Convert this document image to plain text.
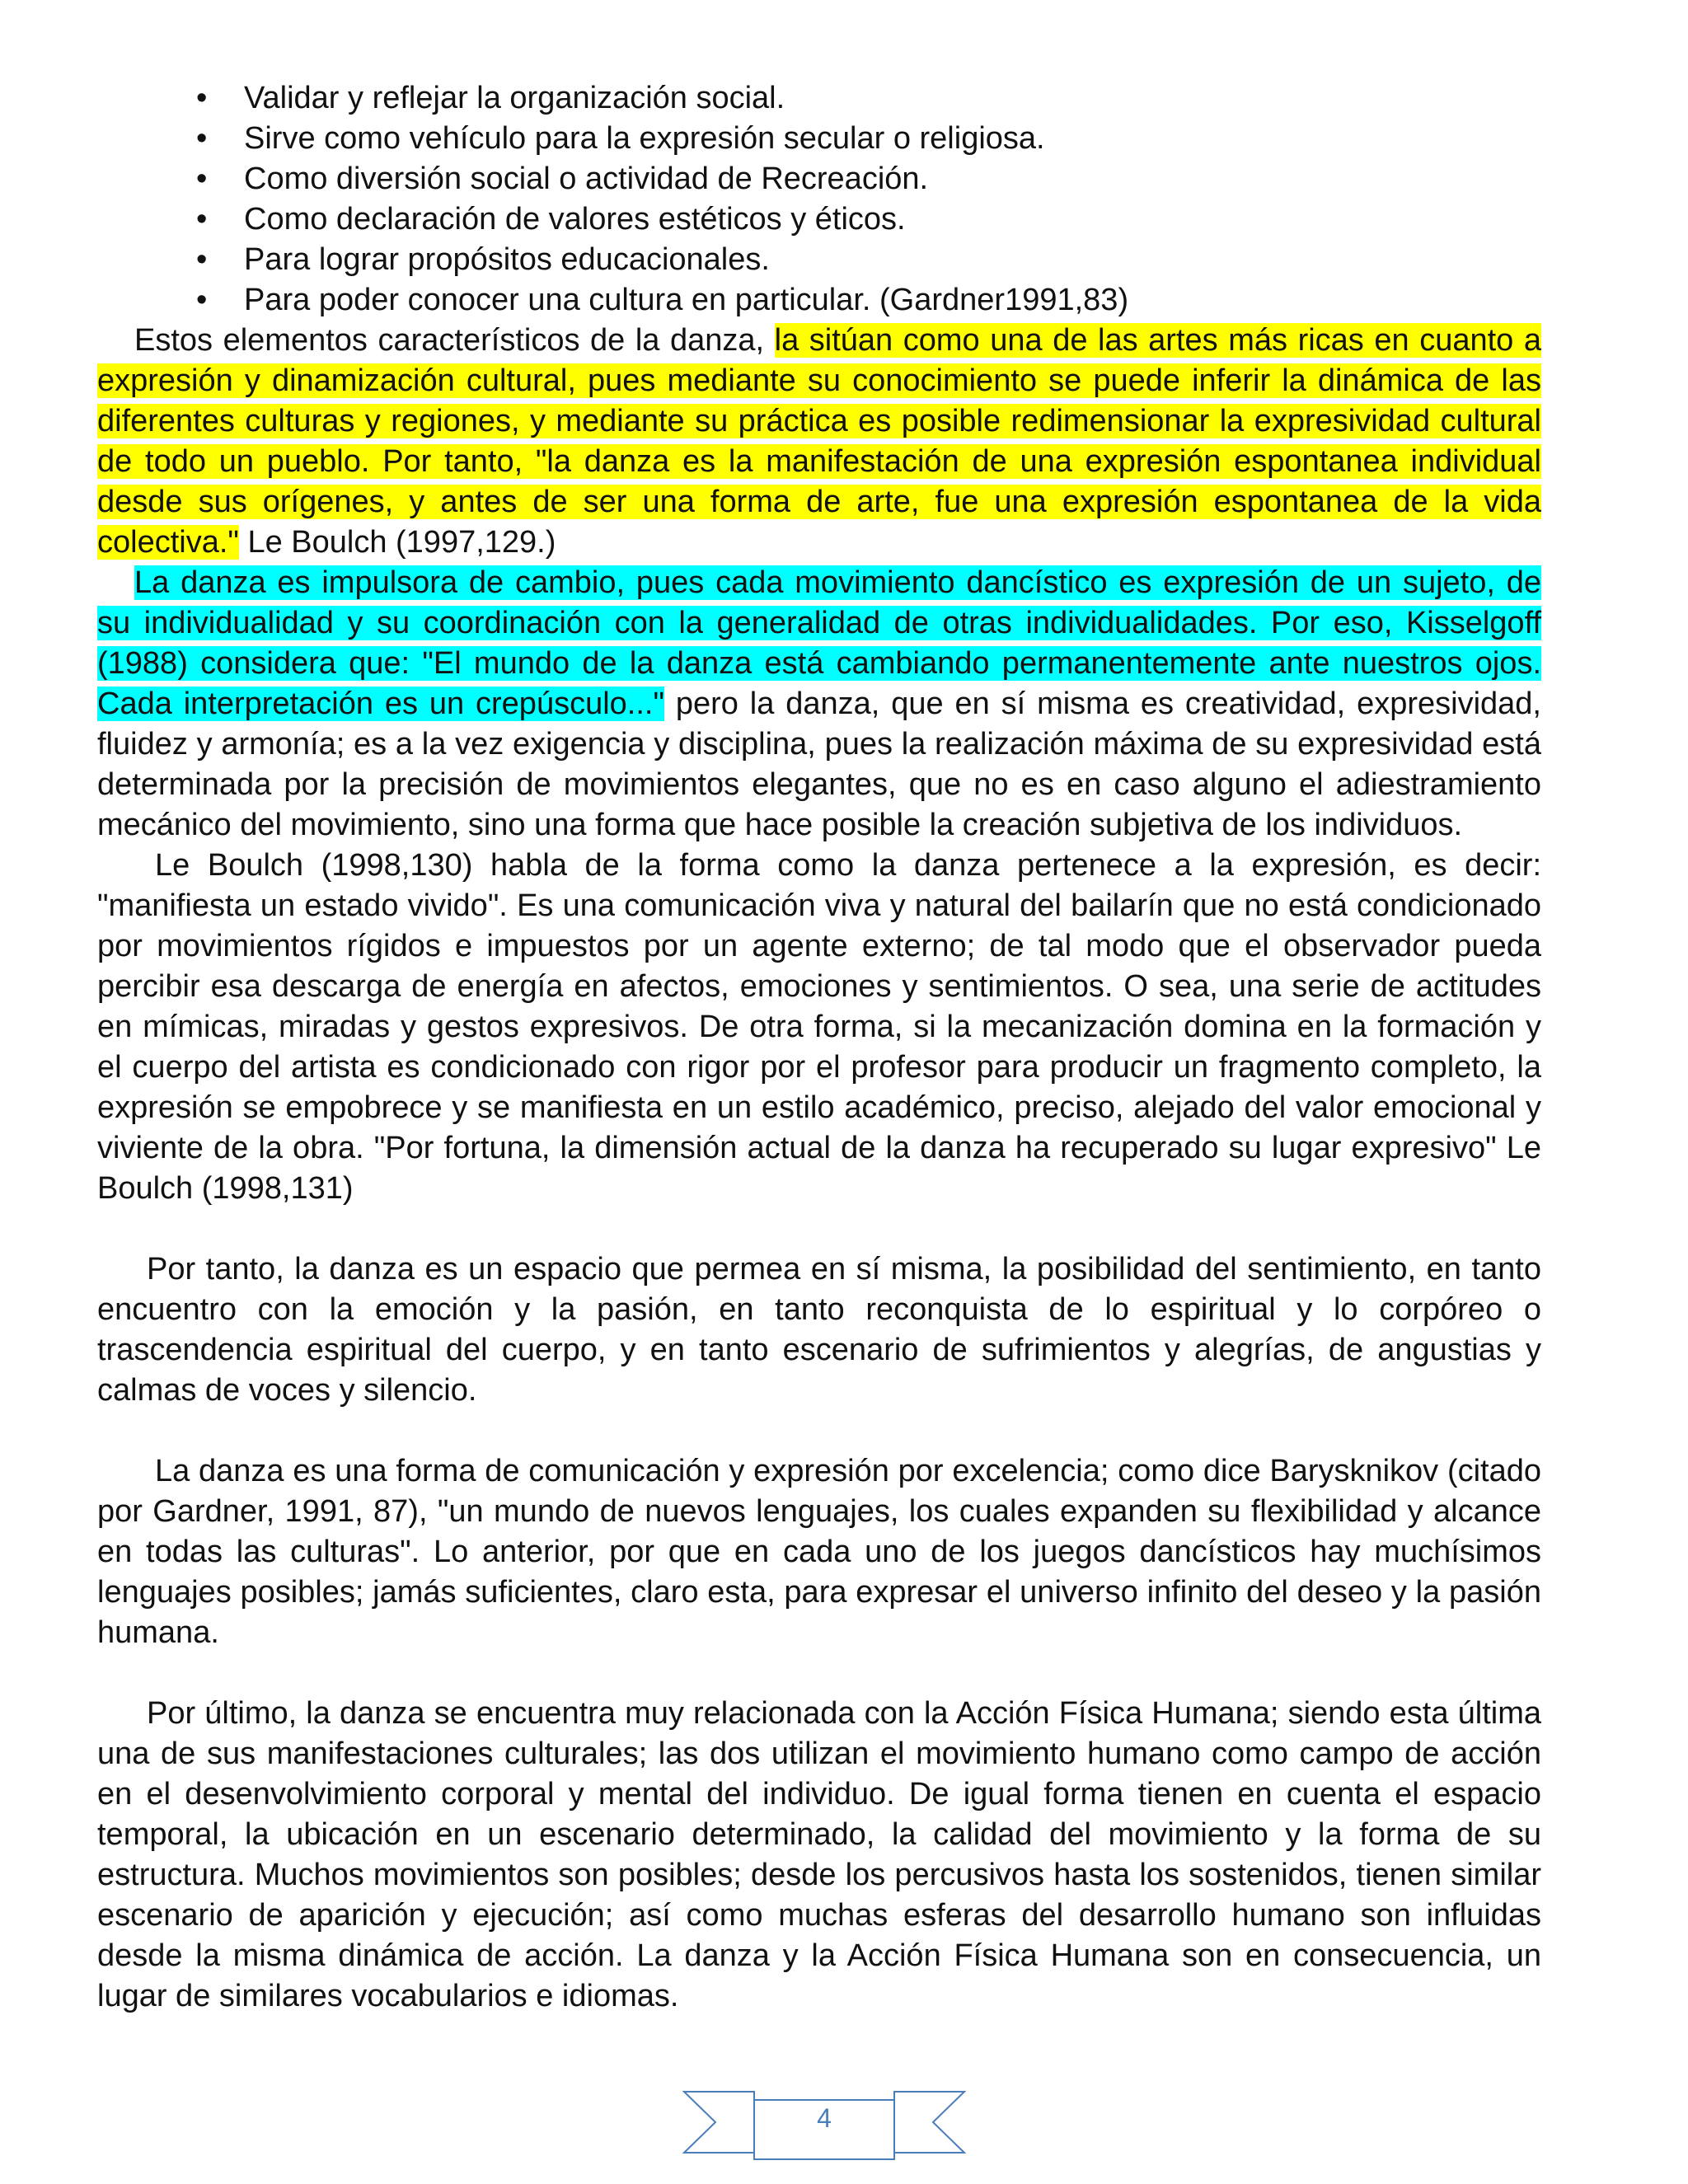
• Validar y reflejar la organización social.
• Sirve como vehículo para la expresión secular o religiosa.
• Como diversión social o actividad de Recreación.
• Como declaración de valores estéticos y éticos.
• Para lograr propósitos educacionales.
• Para poder conocer una cultura en particular. (Gardner1991,83)

Estos elementos característicos de la danza, la sitúan como una de las artes más ricas en cuanto a expresión y dinamización cultural, pues mediante su conocimiento se puede inferir la dinámica de las diferentes culturas y regiones, y mediante su práctica es posible redimensionar la expresividad cultural de todo un pueblo. Por tanto, "la danza es la manifestación de una expresión espontanea individual desde sus orígenes, y antes de ser una forma de arte, fue una expresión espontanea de la vida colectiva." Le Boulch (1997,129.)

La danza es impulsora de cambio, pues cada movimiento dancístico es expresión de un sujeto, de su individualidad y su coordinación con la generalidad de otras individualidades. Por eso, Kisselgoff (1988) considera que: "El mundo de la danza está cambiando permanentemente ante nuestros ojos. Cada interpretación es un crepúsculo..." pero la danza, que en sí misma es creatividad, expresividad, fluidez y armonía; es a la vez exigencia y disciplina, pues la realización máxima de su expresividad está determinada por la precisión de movimientos elegantes, que no es en caso alguno el adiestramiento mecánico del movimiento, sino una forma que hace posible la creación subjetiva de los individuos.

Le Boulch (1998,130) habla de la forma como la danza pertenece a la expresión, es decir: "manifiesta un estado vivido". Es una comunicación viva y natural del bailarín que no está condicionado por movimientos rígidos e impuestos por un agente externo; de tal modo que el observador pueda percibir esa descarga de energía en afectos, emociones y sentimientos. O sea, una serie de actitudes en mímicas, miradas y gestos expresivos. De otra forma, si la mecanización domina en la formación y el cuerpo del artista es condicionado con rigor por el profesor para producir un fragmento completo, la expresión se empobrece y se manifiesta en un estilo académico, preciso, alejado del valor emocional y viviente de la obra. "Por fortuna, la dimensión actual de la danza ha recuperado su lugar expresivo" Le Boulch (1998,131)

Por tanto, la danza es un espacio que permea en sí misma, la posibilidad del sentimiento, en tanto encuentro con la emoción y la pasión, en tanto reconquista de lo espiritual y lo corpóreo o trascendencia espiritual del cuerpo, y en tanto escenario de sufrimientos y alegrías, de angustias y calmas de voces y silencio.

La danza es una forma de comunicación y expresión por excelencia; como dice Barysknikov (citado por Gardner, 1991, 87), "un mundo de nuevos lenguajes, los cuales expanden su flexibilidad y alcance en todas las culturas". Lo anterior, por que en cada uno de los juegos dancísticos hay muchísimos lenguajes posibles; jamás suficientes, claro esta, para expresar el universo infinito del deseo y la pasión humana.

Por último, la danza se encuentra muy relacionada con la Acción Física Humana; siendo esta última una de sus manifestaciones culturales; las dos utilizan el movimiento humano como campo de acción en el desenvolvimiento corporal y mental del individuo. De igual forma tienen en cuenta el espacio temporal, la ubicación en un escenario determinado, la calidad del movimiento y la forma de su estructura. Muchos movimientos son posibles; desde los percusivos hasta los sostenidos, tienen similar escenario de aparición y ejecución; así como muchas esferas del desarrollo humano son influidas desde la misma dinámica de acción. La danza y la Acción Física Humana son en consecuencia, un lugar de similares vocabularios e idiomas.

4
